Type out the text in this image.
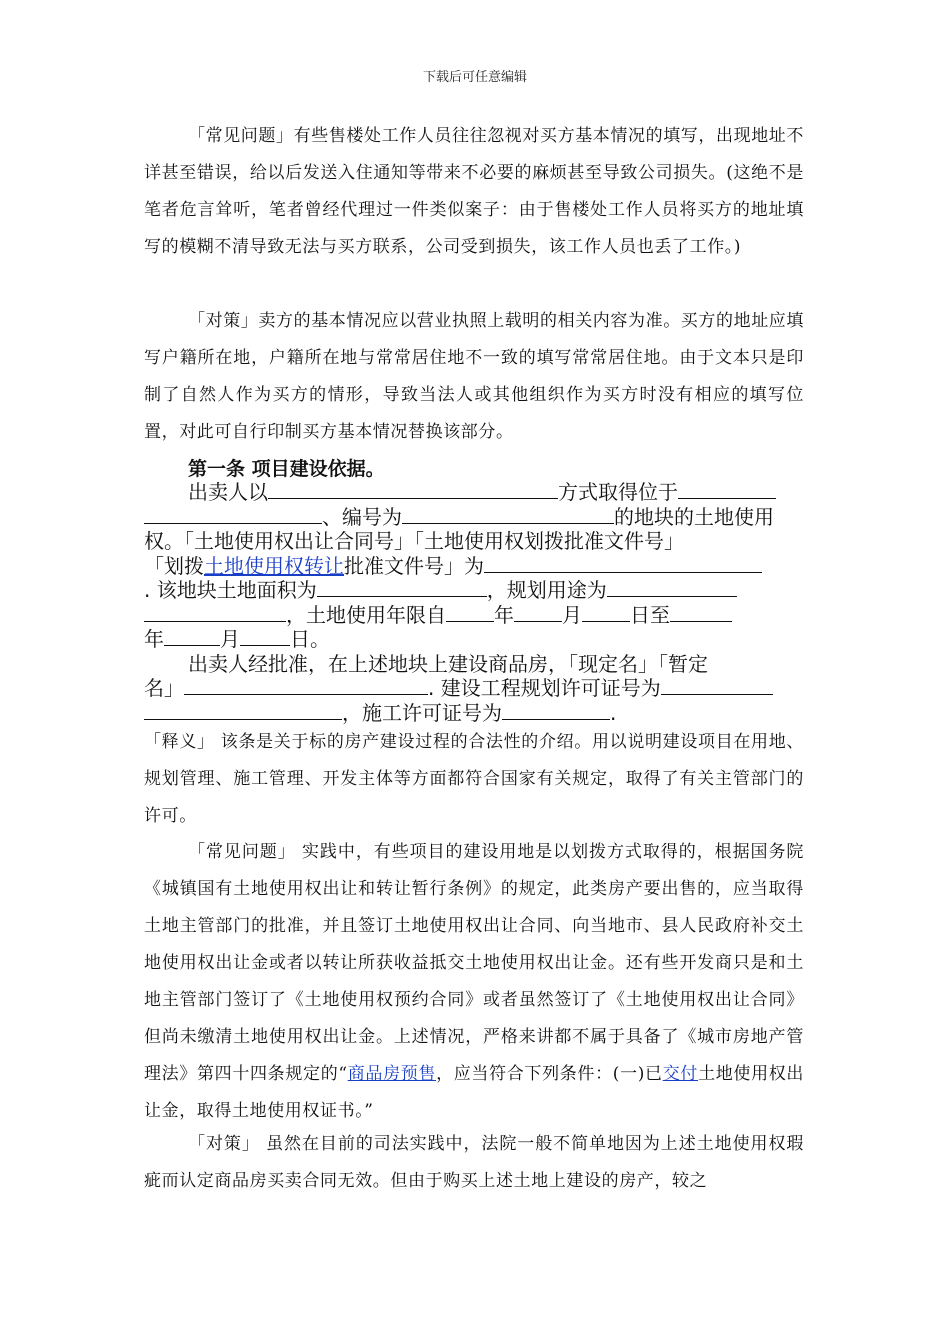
下载后可任意编辑

「常见问题」有些售楼处工作人员往往忽视对买方基本情况的填写，出现地址不详甚至错误，给以后发送入住通知等带来不必要的麻烦甚至导致公司损失。(这绝不是笔者危言耸听，笔者曾经代理过一件类似案子：由于售楼处工作人员将买方的地址填写的模糊不清导致无法与买方联系，公司受到损失，该工作人员也丢了工作。)

「对策」卖方的基本情况应以营业执照上载明的相关内容为准。买方的地址应填写户籍所在地，户籍所在地与常常居住地不一致的填写常常居住地。由于文本只是印制了自然人作为买方的情形，导致当法人或其他组织作为买方时没有相应的填写位置，对此可自行印制买方基本情况替换该部分。

第一条 项目建设依据。
出卖人以	方式取得位于
、编号为	的地块的土地使用
权。「土地使用权出让合同号」「土地使用权划拨批准文件号」
「划拨土地使用权转让批准文件号」为
. 该地块土地面积为	，规划用途为
，土地使用年限自 年 月 日至
年	月	日。
出卖人经批准，在上述地块上建设商品房，「现定名」「暂定
名」	. 建设工程规划许可证号为
，施工许可证号为	.

「释义」 该条是关于标的房产建设过程的合法性的介绍。用以说明建设项目在用地、规划管理、施工管理、开发主体等方面都符合国家有关规定，取得了有关主管部门的许可。

「常见问题」 实践中，有些项目的建设用地是以划拨方式取得的，根据国务院《城镇国有土地使用权出让和转让暂行条例》的规定，此类房产要出售的，应当取得土地主管部门的批准，并且签订土地使用权出让合同、向当地市、县人民政府补交土地使用权出让金或者以转让所获收益抵交土地使用权出让金。还有些开发商只是和土地主管部门签订了《土地使用权预约合同》或者虽然签订了《土地使用权出让合同》但尚未缴清土地使用权出让金。上述情况，严格来讲都不属于具备了《城市房地产管理法》第四十四条规定的“商品房预售，应当符合下列条件：(一)已交付土地使用权出让金，取得土地使用权证书。”

「对策」 虽然在目前的司法实践中，法院一般不简单地因为上述土地使用权瑕疵而认定商品房买卖合同无效。但由于购买上述土地上建设的房产，较之
